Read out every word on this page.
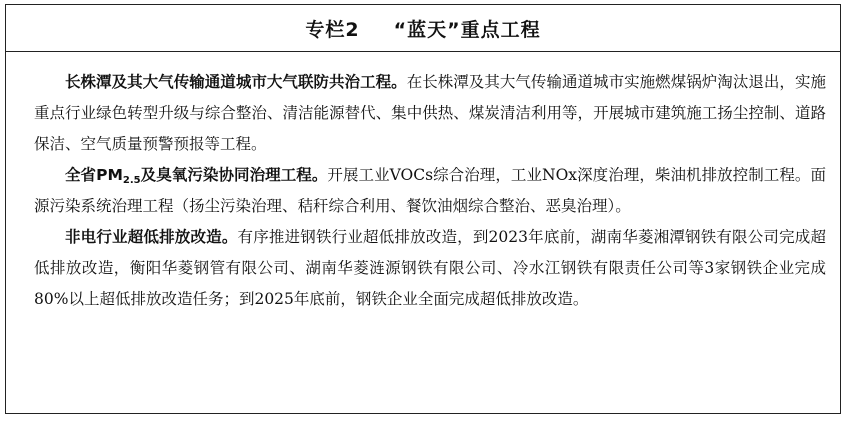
专栏2 “蓝天”重点工程

长株潭及其大气传输通道城市大气联防共治工程。在长株潭及其大气传输通道城市实施燃煤锅炉淘汰退出，实施重点行业绿色转型升级与综合整治、清洁能源替代、集中供热、煤炭清洁利用等，开展城市建筑施工扬尘控制、道路保洁、空气质量预警预报等工程。

全省$PM_{2.5}$及臭氧污染协同治理工程。开展工业VOCs综合治理，工业NOx深度治理，柴油机排放控制工程。面源污染系统治理工程（扬尘污染治理、秸秆综合利用、餐饮油烟综合整治、恶臭治理）。

非电行业超低排放改造。有序推进钢铁行业超低排放改造，到2023年底前，湖南华菱湘潭钢铁有限公司完成超低排放改造，衡阳华菱钢管有限公司、湖南华菱涟源钢铁有限公司、冷水江钢铁有限责任公司等3家钢铁企业完成80%以上超低排放改造任务；到2025年底前，钢铁企业全面完成超低排放改造。
